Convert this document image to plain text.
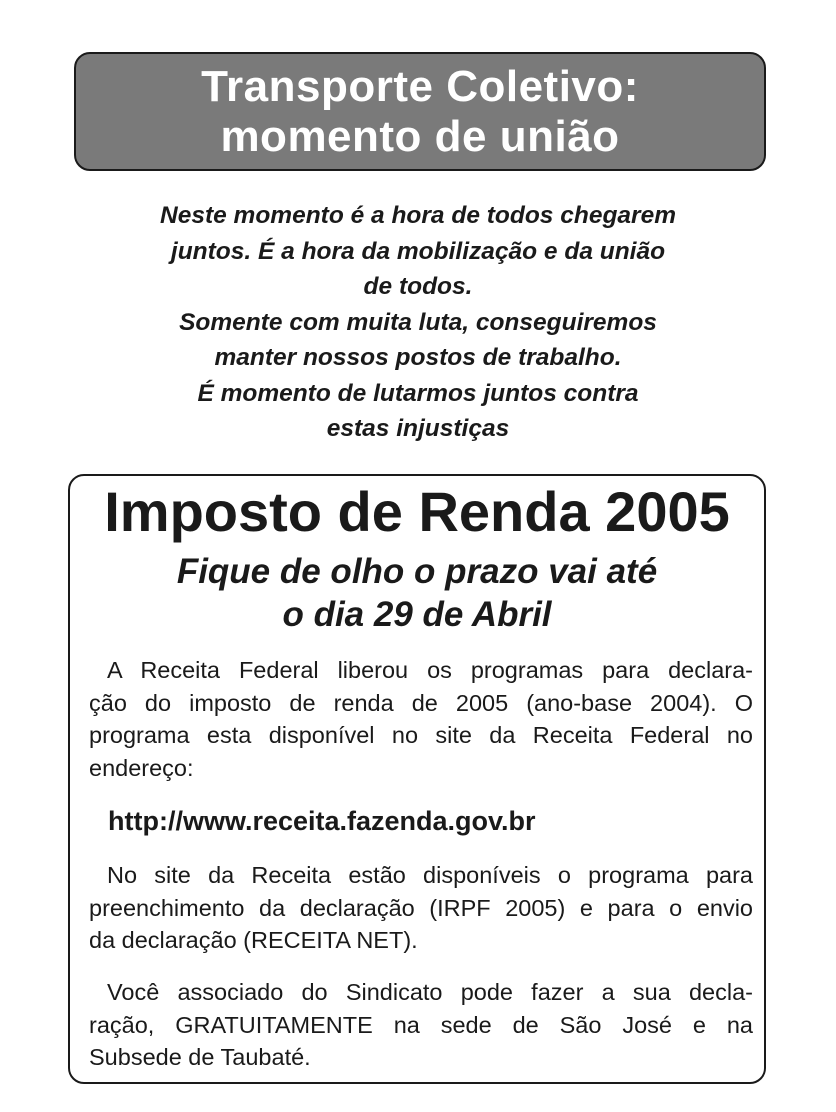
Transporte Coletivo:
momento de união
Neste momento é a hora de todos chegarem
juntos. É a hora da mobilização e da união
de todos.
Somente com muita luta, conseguiremos
manter nossos postos de trabalho.
É momento de lutarmos juntos contra
estas injustiças
Imposto de Renda 2005
Fique de olho o prazo vai até
o dia 29 de Abril
A Receita Federal liberou os programas para declara-
ção do imposto de renda de 2005 (ano-base 2004). O
programa esta disponível no site da Receita Federal no
endereço:
http://www.receita.fazenda.gov.br
No site da Receita estão disponíveis o programa para
preenchimento da declaração (IRPF 2005) e para o envio
da declaração (RECEITA NET).
Você associado do Sindicato pode fazer a sua decla-
ração, GRATUITAMENTE na sede de São José e na
Subsede de Taubaté.
